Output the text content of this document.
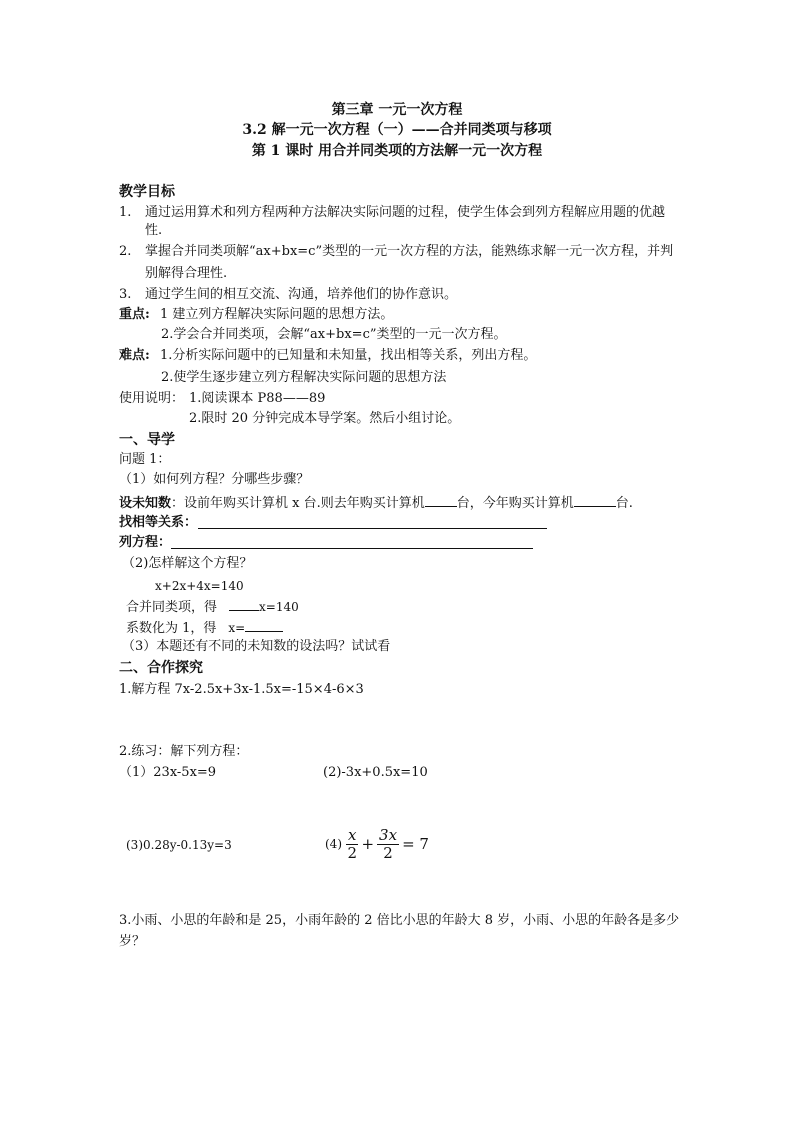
第三章 一元一次方程
3.2 解一元一次方程（一）——合并同类项与移项
第 1 课时 用合并同类项的方法解一元一次方程
教学目标
1. 通过运用算术和列方程两种方法解决实际问题的过程，使学生体会到列方程解应用题的优越
性.
2. 掌握合并同类项解“ax+bx=c”类型的一元一次方程的方法，能熟练求解一元一次方程，并判
别解得合理性.
3. 通过学生间的相互交流、沟通，培养他们的协作意识。
重点: 1 建立列方程解决实际问题的思想方法。
2.学会合并同类项，会解“ax+bx=c”类型的一元一次方程。
难点: 1.分析实际问题中的已知量和未知量，找出相等关系，列出方程。
2.使学生逐步建立列方程解决实际问题的思想方法
使用说明： 1.阅读课本 P88——89
2.限时 20 分钟完成本导学案。然后小组讨论。
一、导学
问题 1：
（1）如何列方程？分哪些步骤？
设未知数：设前年购买计算机 x 台.则去年购买计算机 台，今年购买计算机	台.
找相等关系：
列方程：
（2)怎样解这个方程？
x+2x+4x=140
合并同类项，得	x=140
系数化为 1，得 x=
（3）本题还有不同的未知数的设法吗？试试看
二、合作探究
1.解方程 7x-2.5x+3x-1.5x=-15×4-6×3
2.练习：解下列方程：
（1）23x-5x=9	(2)-3x+0.5x=10
(3)0.28y-0.13y=3	$(4) \frac{x}{2} + \frac{3x}{2} = 7$
3.小雨、小思的年龄和是 25，小雨年龄的 2 倍比小思的年龄大 8 岁，小雨、小思的年龄各是多少
岁？
